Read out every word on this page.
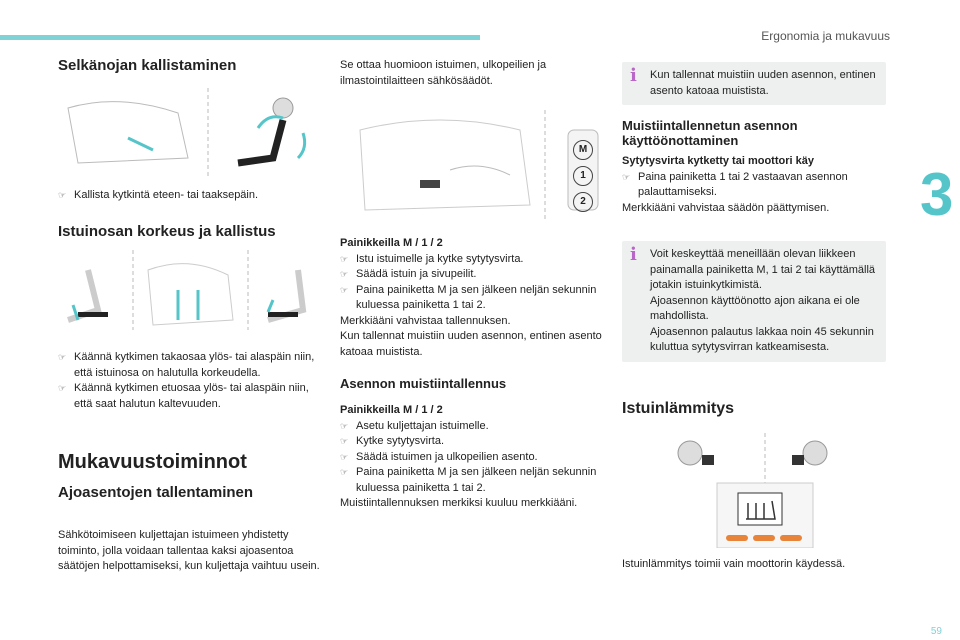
Ergonomia ja mukavuus
3
59
Selkänojan kallistaminen
☞ Kallista kytkintä eteen- tai taaksepäin.
Istuinosan korkeus ja kallistus
☞ Käännä kytkimen takaosaa ylös- tai alaspäin niin, että istuinosa on halutulla korkeudella.
☞ Käännä kytkimen etuosaa ylös- tai alaspäin niin, että saat halutun kaltevuuden.
Mukavuustoiminnot
Ajoasentojen tallentaminen
Sähkötoimiseen kuljettajan istuimeen yhdistetty toiminto, jolla voidaan tallentaa kaksi ajoasentoa säätöjen helpottamiseksi, kun kuljettaja vaihtuu usein.
Se ottaa huomioon istuimen, ulkopeilien ja ilmastointilaitteen sähkösäädöt.
M
1
2
Painikkeilla M / 1 / 2
☞ Istu istuimelle ja kytke sytytysvirta.
☞ Säädä istuin ja sivupeilit.
☞ Paina painiketta M ja sen jälkeen neljän sekunnin kuluessa painiketta 1 tai 2.
Merkkiääni vahvistaa tallennuksen.
Kun tallennat muistiin uuden asennon, entinen asento katoaa muistista.
Asennon muistiintallennus
Painikkeilla M / 1 / 2
☞ Asetu kuljettajan istuimelle.
☞ Kytke sytytysvirta.
☞ Säädä istuimen ja ulkopeilien asento.
☞ Paina painiketta M ja sen jälkeen neljän sekunnin kuluessa painiketta 1 tai 2.
Muistiintallennuksen merkiksi kuuluu merkkiääni.
i Kun tallennat muistiin uuden asennon, entinen asento katoaa muistista.
Muistiintallennetun asennon käyttöönottaminen
Sytytysvirta kytketty tai moottori käy
☞ Paina painiketta 1 tai 2 vastaavan asennon palauttamiseksi.
Merkkiääni vahvistaa säädön päättymisen.
i Voit keskeyttää meneillään olevan liikkeen painamalla painiketta M, 1 tai 2 tai käyttämällä jotakin istuinkytkimistä.
Ajoasennon käyttöönotto ajon aikana ei ole mahdollista.
Ajoasennon palautus lakkaa noin 45 sekunnin kuluttua sytytysvirran katkeamisesta.
Istuinlämmitys
Istuinlämmitys toimii vain moottorin käydessä.
